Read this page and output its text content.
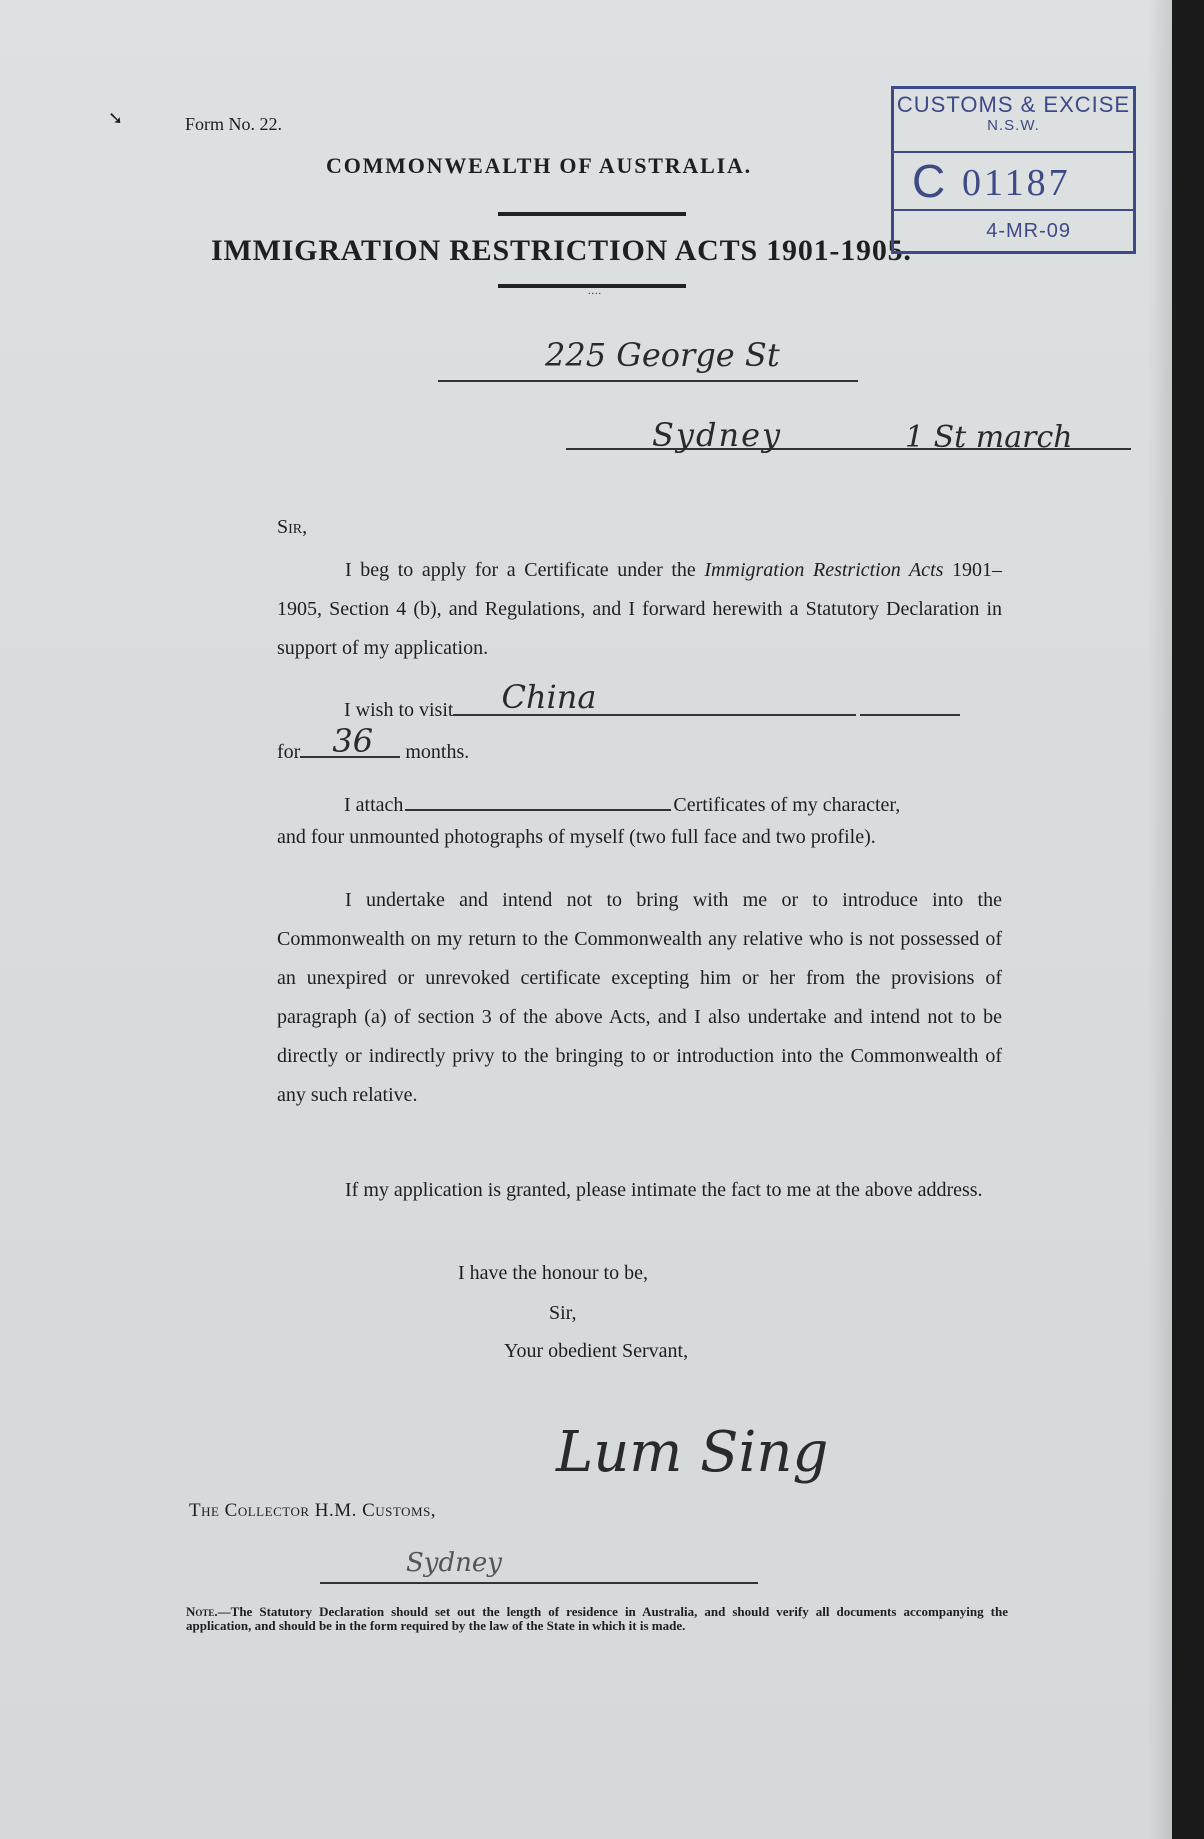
➘	Form No. 22.
COMMONWEALTH OF AUSTRALIA.
IMMIGRATION RESTRICTION ACTS 1901-1905.
....
CUSTOMS & EXCISE
N.S.W.
C 01187
4-MR-09
225 George St
Sydney	1 St march
Sir,
I beg to apply for a Certificate under the Immigration Restriction Acts 1901–1905, Section 4 (b), and Regulations, and I forward herewith a Statutory Declaration in support of my application.
I wish to visit China
for 36 months.
I attach	Certificates of my character,
and four unmounted photographs of myself (two full face and two profile).
I undertake and intend not to bring with me or to introduce into the Commonwealth on my return to the Commonwealth any relative who is not possessed of an unexpired or unrevoked certificate excepting him or her from the provisions of paragraph (a) of section 3 of the above Acts, and I also undertake and intend not to be directly or indirectly privy to the bringing to or introduction into the Commonwealth of any such relative.
If my application is granted, please intimate the fact to me at the above address.
I have the honour to be,
Sir,
Your obedient Servant,
Lum Sing
The Collector H.M. Customs,
Sydney
Note.—The Statutory Declaration should set out the length of residence in Australia, and should verify all documents accompanying the application, and should be in the form required by the law of the State in which it is made.
